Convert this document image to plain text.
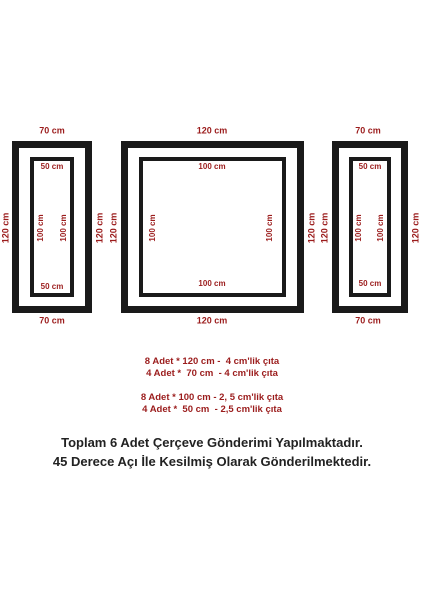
70 cm
50 cm
50 cm
100 cm 100 cm
120 cm	120 cm
70 cm
120 cm
100 cm
100 cm
100 cm	100 cm
120 cm	120 cm
120 cm
70 cm
50 cm
50 cm
100 cm 100 cm
120 cm	120 cm
70 cm
8 Adet * 120 cm -  4 cm'lik çıta
4 Adet *  70 cm  - 4 cm'lik çıta
8 Adet * 100 cm - 2, 5 cm'lik çıta
4 Adet *  50 cm  - 2,5 cm'lik çıta
Toplam 6 Adet Çerçeve Gönderimi Yapılmaktadır.
45 Derece Açı İle Kesilmiş Olarak Gönderilmektedir.
